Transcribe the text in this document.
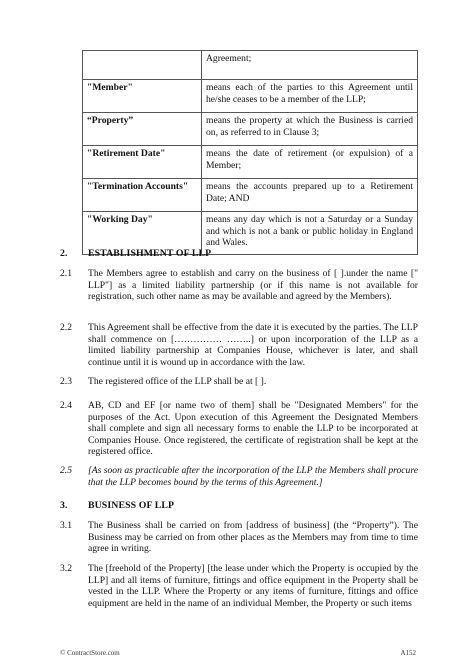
	Agreement;
"Member"	means each of the parties to this Agreement until he/she ceases to be a member of the LLP;
“Property”	means the property at which the Business is carried on, as referred to in Clause 3;
"Retirement Date"	means the date of retirement (or expulsion) of a Member;
"Termination Accounts"	means the accounts prepared up to a Retirement Date; AND
"Working Day"	means any day which is not a Saturday or a Sunday and which is not a bank or public holiday in England and Wales.
2. ESTABLISHMENT OF LLP
2.1 The Members agree to establish and carry on the business of [ ].under the name [" LLP"] as a limited liability partnership (or if this name is not available for registration, such other name as may be available and agreed by the Members).
2.2 This Agreement shall be effective from the date it is executed by the parties. The LLP shall commence on […………… ……..] or upon incorporation of the LLP as a limited liability partnership at Companies House, whichever is later, and shall continue until it is wound up in accordance with the law.
2.3 The registered office of the LLP shall be at [ ].
2.4 AB, CD and EF [or name two of them] shall be "Designated Members" for the purposes of the Act. Upon execution of this Agreement the Designated Members shall complete and sign all necessary forms to enable the LLP to be incorporated at Companies House. Once registered, the certificate of registration shall be kept at the registered office.
2.5 [As soon as practicable after the incorporation of the LLP the Members shall procure that the LLP becomes bound by the terms of this Agreement.]
3. BUSINESS OF LLP
3.1 The Business shall be carried on from [address of business] (the “Property”). The Business may be carried on from other places as the Members may from time to time agree in writing.
3.2 The [freehold of the Property] [the lease under which the Property is occupied by the LLP] and all items of furniture, fittings and office equipment in the Property shall be vested in the LLP. Where the Property or any items of furniture, fittings and office equipment are held in the name of an individual Member, the Property or such items
© ContractStore.com	A152
